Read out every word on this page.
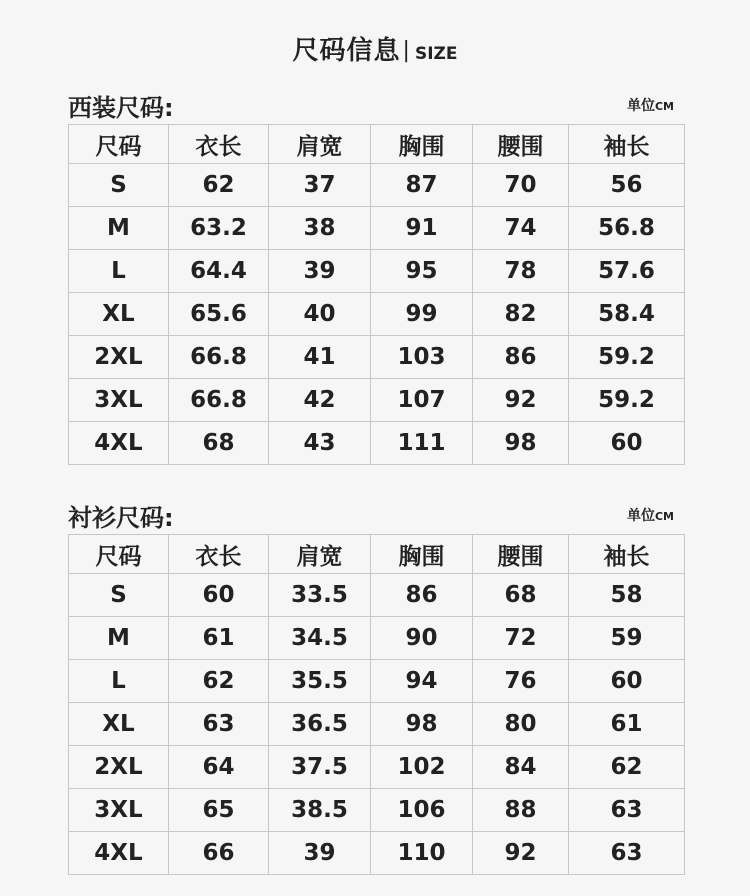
尺码信息| SIZE
西装尺码:	单位CM
尺码	衣长	肩宽	胸围	腰围	袖长
S	62	37	87	70	56
M	63.2	38	91	74	56.8
L	64.4	39	95	78	57.6
XL	65.6	40	99	82	58.4
2XL	66.8	41	103	86	59.2
3XL	66.8	42	107	92	59.2
4XL	68	43	111	98	60
衬衫尺码:	单位CM
尺码	衣长	肩宽	胸围	腰围	袖长
S	60	33.5	86	68	58
M	61	34.5	90	72	59
L	62	35.5	94	76	60
XL	63	36.5	98	80	61
2XL	64	37.5	102	84	62
3XL	65	38.5	106	88	63
4XL	66	39	110	92	63
